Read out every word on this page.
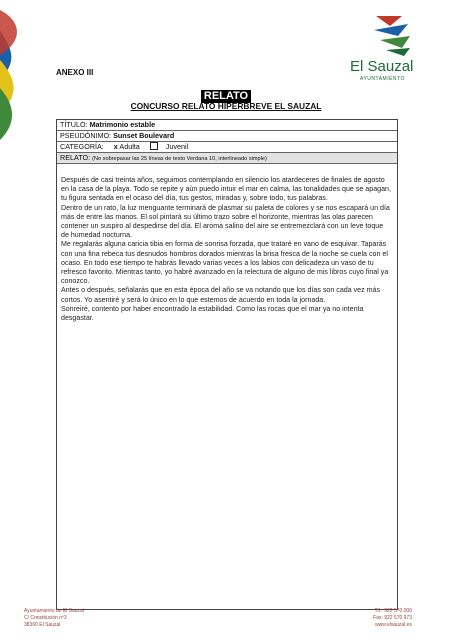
ANEXO III	El Sauzal
AYUNTAMIENTO
RELATO
CONCURSO RELATO HIPERBREVE EL SAUZAL
TÍTULO: Matrimonio estable
PSEUDÓNIMO: Sunset Boulevard
CATEGORÍA: x Adulta	Juvenil
RELATO: (No sobrepasar las 25 líneas de texto Verdana 10, interlineado simple)

Después de casi treinta años, seguimos contemplando en silencio los atardeceres de finales de agosto en la casa de la playa. Todo se repite y aún puedo intuir el mar en calma, las tonalidades que se apagan, tu figura sentada en el ocaso del día, tus gestos, miradas y, sobre todo, tus palabras.

Dentro de un rato, la luz menguante terminará de plasmar su paleta de colores y se nos escapará un día más de entre las manos. El sol pintará su último trazo sobre el horizonte, mientras las olas parecen contener un suspiro al despedirse del día. El aroma salino del aire se entremezclará con un leve toque de humedad nocturna.

Me regalarás alguna caricia tibia en forma de sonrisa forzada, que trataré en vano de esquivar. Taparás con una fina rebeca tus desnudos hombros dorados mientras la brisa fresca de la noche se cuela con el ocaso. En todo ese tiempo te habrás llevado varias veces a los labios con delicadeza un vaso de tu refresco favorito. Mientras tanto, yo habré avanzado en la relectura de alguno de mis libros cuyo final ya conozco.

Antes o después, señalarás que en esta época del año se va notando que los días son cada vez más cortos. Yo asentiré y será lo único en lo que estemos de acuerdo en toda la jornada.

Sonreiré, contento por haber encontrado la estabilidad. Como las rocas que el mar ya no intenta desgastar.

Ayuntamiento de El Sauzal
C/ Constitución nº3
38360 El Sauzal
Tlf.: 922 570 000
Fax: 922 570 973
www.elsauzal.es
